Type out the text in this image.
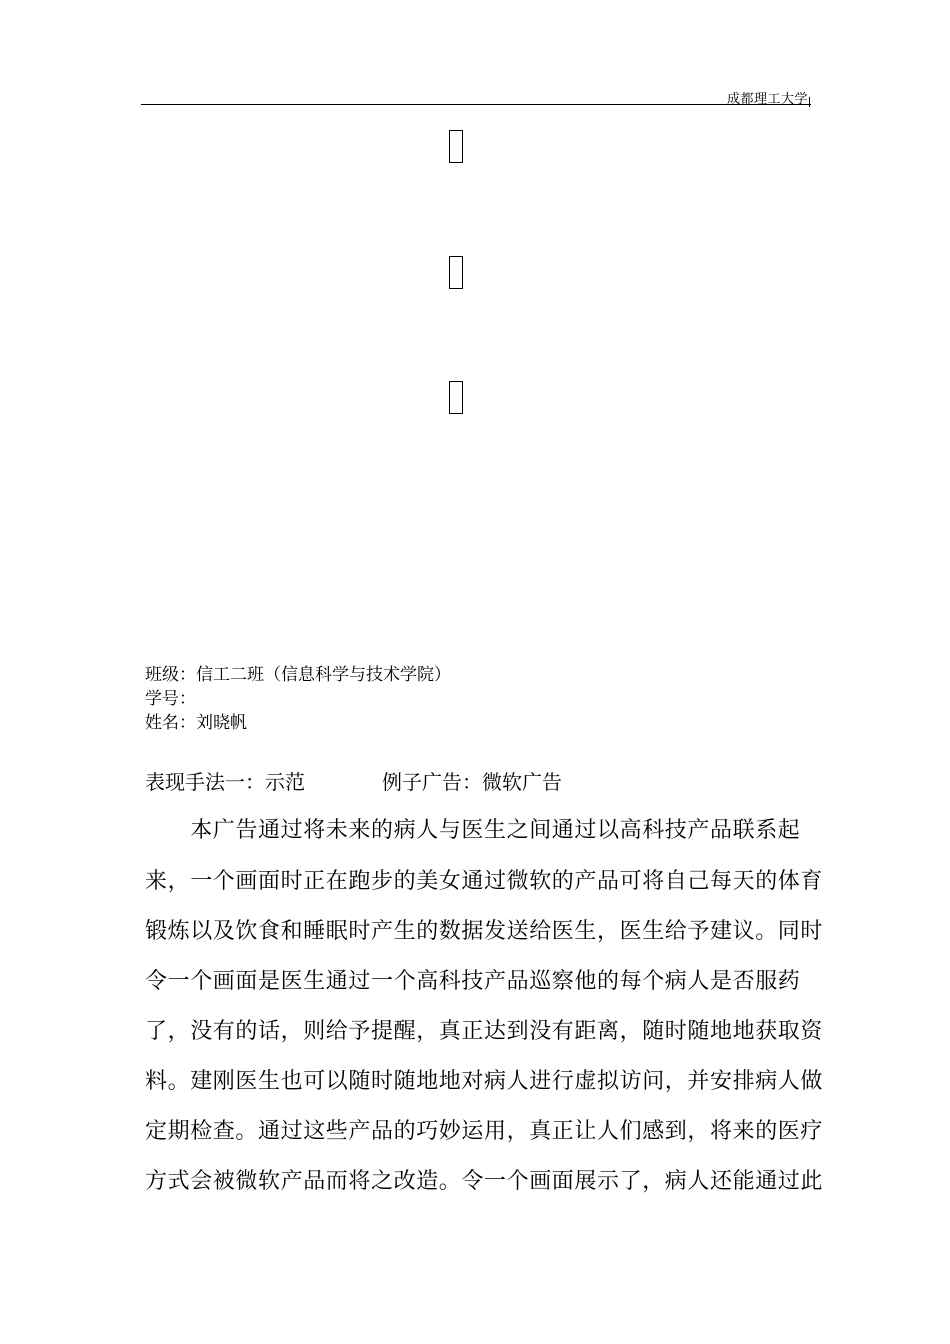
成都理工大学
班级：信工二班（信息科学与技术学院）
学号：
姓名：刘晓帆
表现手法一：示范	例子广告：微软广告
　　本广告通过将未来的病人与医生之间通过以高科技产品联系起
来，一个画面时正在跑步的美女通过微软的产品可将自己每天的体育
锻炼以及饮食和睡眠时产生的数据发送给医生，医生给予建议。同时
令一个画面是医生通过一个高科技产品巡察他的每个病人是否服药
了，没有的话，则给予提醒，真正达到没有距离，随时随地地获取资
料。建刚医生也可以随时随地地对病人进行虚拟访问，并安排病人做
定期检查。通过这些产品的巧妙运用，真正让人们感到，将来的医疗
方式会被微软产品而将之改造。令一个画面展示了，病人还能通过此
